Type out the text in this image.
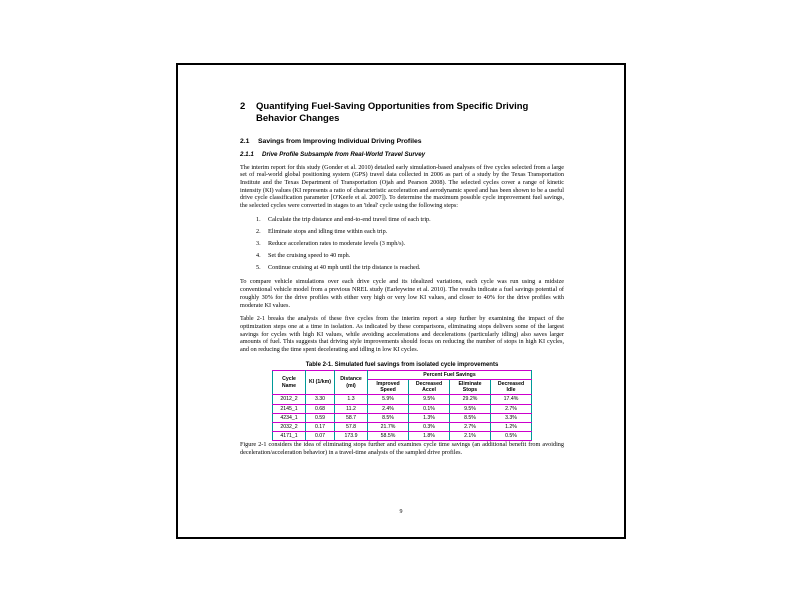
2	Quantifying Fuel-Saving Opportunities from Specific Driving Behavior Changes
2.1	Savings from Improving Individual Driving Profiles
2.1.1	Drive Profile Subsample from Real-World Travel Survey

The interim report for this study (Gonder et al. 2010) detailed early simulation-based analyses of five cycles selected from a large set of real-world global positioning system (GPS) travel data collected in 2006 as part of a study by the Texas Transportation Institute and the Texas Department of Transportation (Ojah and Pearson 2008). The selected cycles cover a range of kinetic intensity (KI) values (KI represents a ratio of characteristic acceleration and aerodynamic speed and has been shown to be a useful drive cycle classification parameter [O'Keefe et al. 2007]). To determine the maximum possible cycle improvement fuel savings, the selected cycles were converted in stages to an 'ideal' cycle using the following steps:

1.	Calculate the trip distance and end-to-end travel time of each trip.
2.	Eliminate stops and idling time within each trip.
3.	Reduce acceleration rates to moderate levels (3 mph/s).
4.	Set the cruising speed to 40 mph.
5.	Continue cruising at 40 mph until the trip distance is reached.

To compare vehicle simulations over each drive cycle and its idealized variations, each cycle was run using a midsize conventional vehicle model from a previous NREL study (Earleywine et al. 2010). The results indicate a fuel savings potential of roughly 30% for the drive profiles with either very high or very low KI values, and closer to 40% for the drive profiles with moderate KI values.

Table 2-1 breaks the analysis of these five cycles from the interim report a step further by examining the impact of the optimization steps one at a time in isolation. As indicated by these comparisons, eliminating stops delivers some of the largest savings for cycles with high KI values, while avoiding accelerations and decelerations (particularly idling) also saves larger amounts of fuel. This suggests that driving style improvements should focus on reducing the number of stops in high KI cycles, and on reducing the time spent decelerating and idling in low KI cycles.

Table 2-1. Simulated fuel savings from isolated cycle improvements
Cycle Name	KI (1/km)	Distance (mi)	Percent Fuel Savings			
			Improved Speed	Decreased Accel	Eliminate Stops	Decreased Idle
2012_2	3.30	1.3	5.9%	9.5%	29.2%	17.4%
2145_1	0.68	11.2	2.4%	0.1%	9.5%	2.7%
4234_1	0.59	58.7	8.5%	1.3%	8.5%	3.3%
2032_2	0.17	57.8	21.7%	0.3%	2.7%	1.2%
4171_1	0.07	173.9	58.5%	1.8%	2.1%	0.5%

Figure 2-1 considers the idea of eliminating stops further and examines cycle time savings (an additional benefit from avoiding deceleration/acceleration behavior) in a travel-time analysis of the sampled drive profiles.

9
